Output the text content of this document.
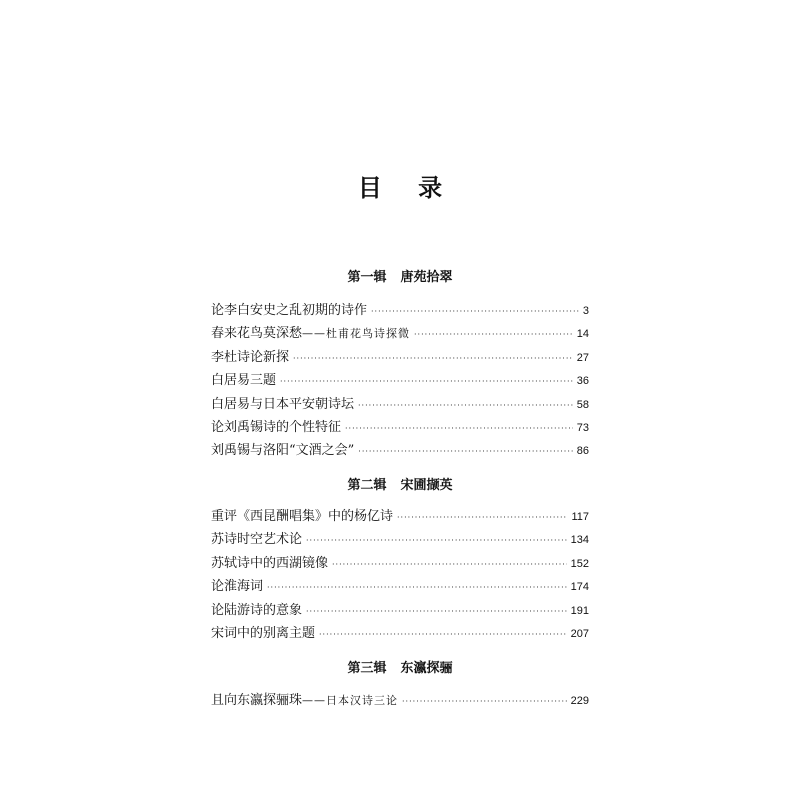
目 录
第一辑 唐苑拾翠
论李白安史之乱初期的诗作 ·····	3
春来花鸟莫深愁 ——杜甫花鸟诗探微 ·····	14
李杜诗论新探 ·····	27
白居易三题 ·····	36
白居易与日本平安朝诗坛 ·····	58
论刘禹锡诗的个性特征 ·····	73
刘禹锡与洛阳“文酒之会” ·····	86
第二辑 宋圃撷英
重评《西昆酬唱集》中的杨亿诗 ·····	117
苏诗时空艺术论 ·····	134
苏轼诗中的西湖镜像 ·····	152
论淮海词 ·····	174
论陆游诗的意象 ·····	191
宋词中的别离主题 ·····	207
第三辑 东瀛探骊
且向东瀛探骊珠 ——日本汉诗三论 ·····	229
